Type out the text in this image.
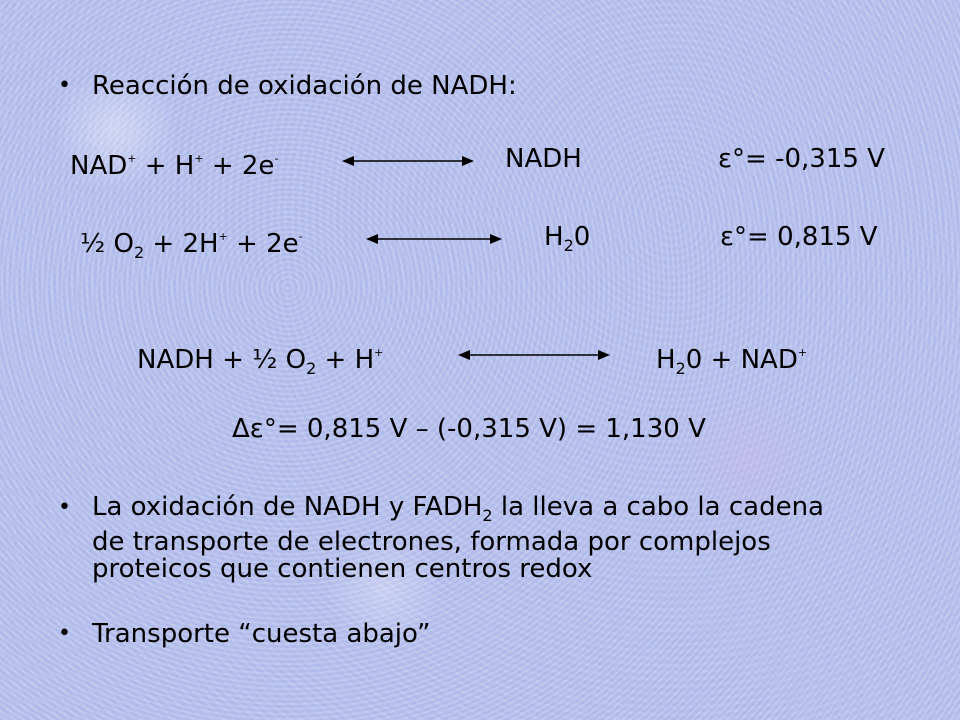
• Reacción de oxidación de NADH:
NAD+ + H+ + 2e-	NADH	ε°= -0,315 V
½ $O_2 + 2H^+ + 2e^-$	$H_20$	ε°= 0,815 V
NADH + ½ $O_2 + H^+$	$H_20 + NAD^+$
Δε°= 0,815 V – (-0,315 V) = 1,130 V
• La oxidación de NADH y $FADH_2$ la lleva a cabo la cadena
de transporte de electrones, formada por complejos
proteicos que contienen centros redox
• Transporte “cuesta abajo”
